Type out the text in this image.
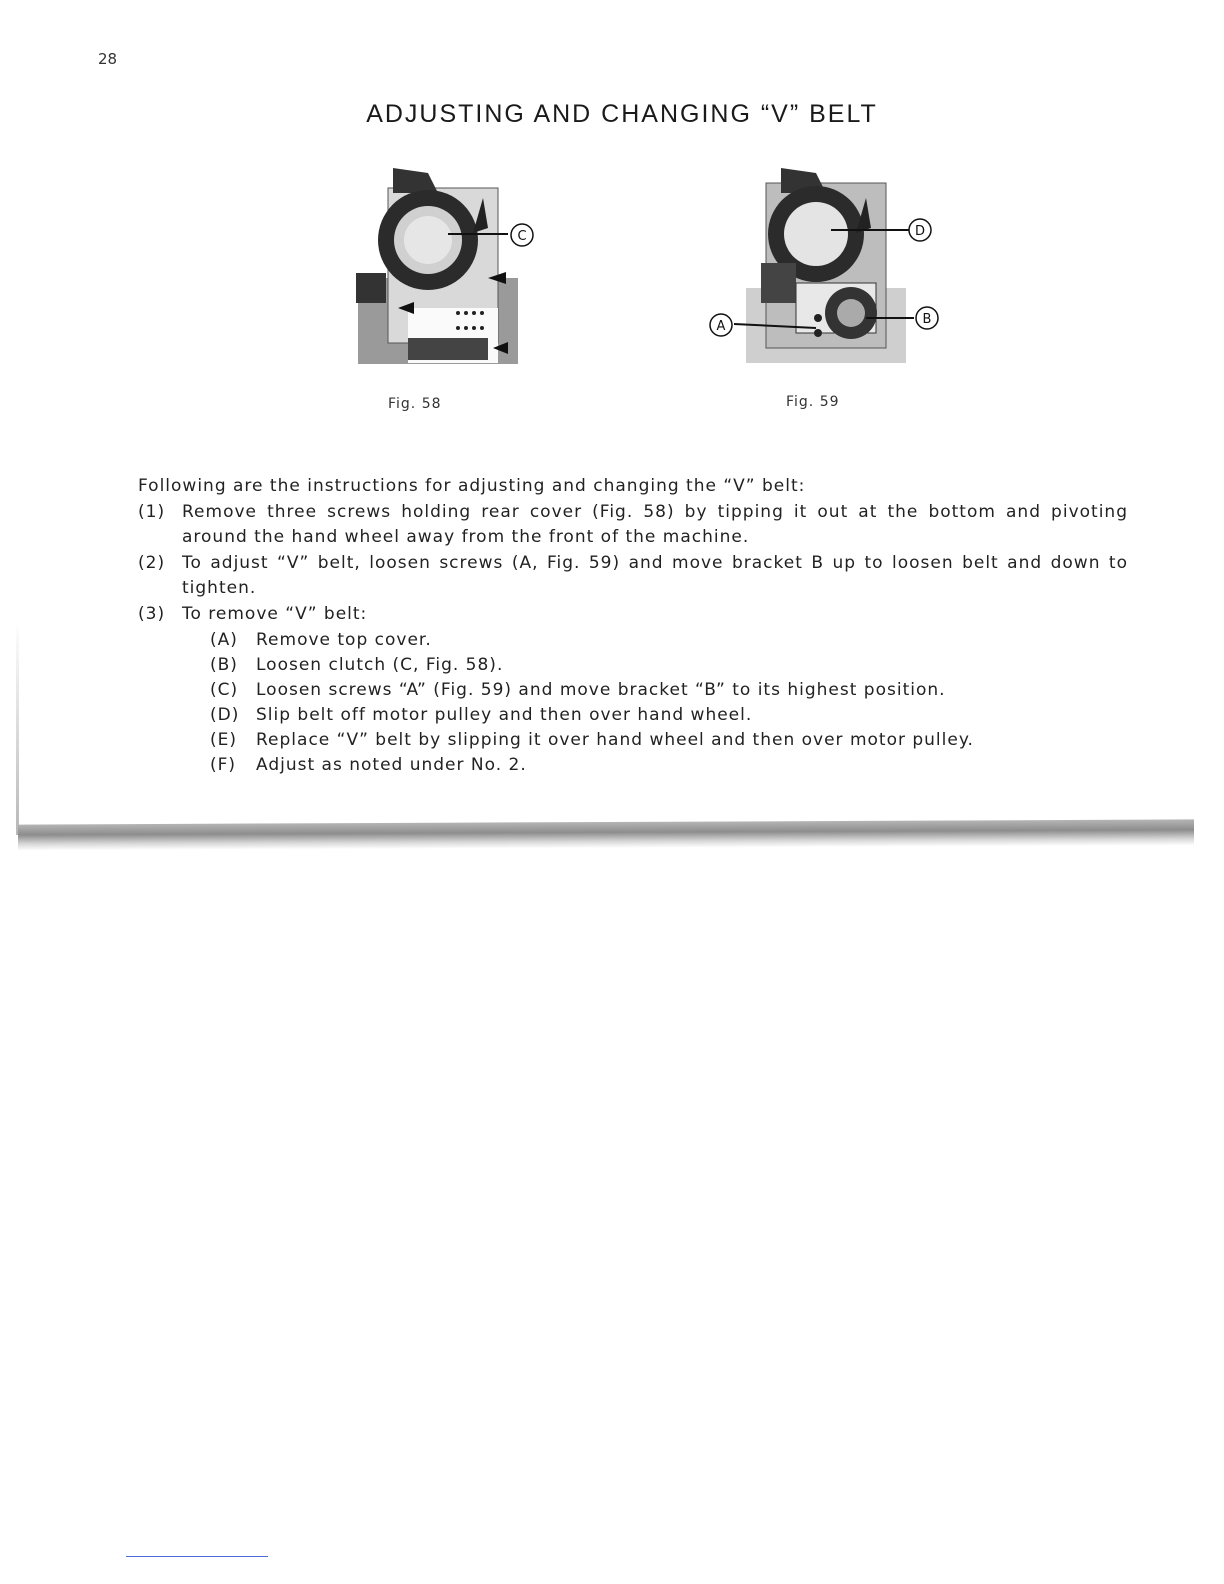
28
ADJUSTING AND CHANGING “V” BELT
C
Fig. 58
D
A	B
Fig. 59
Following are the instructions for adjusting and changing the “V” belt:
(1) Remove three screws holding rear cover (Fig. 58) by tipping it out at the bottom and pivoting around the hand wheel away from the front of the machine.
(2) To adjust “V” belt, loosen screws (A, Fig. 59) and move bracket B up to loosen belt and down to tighten.
(3) To remove “V” belt:
(A)	Remove top cover.
(B)	Loosen clutch (C, Fig. 58).
(C)	Loosen screws “A” (Fig. 59) and move bracket “B” to its highest position.
(D) Slip belt off motor pulley and then over hand wheel.
(E)	Replace “V” belt by slipping it over hand wheel and then over motor pulley.
(F)	Adjust as noted under No. 2.
